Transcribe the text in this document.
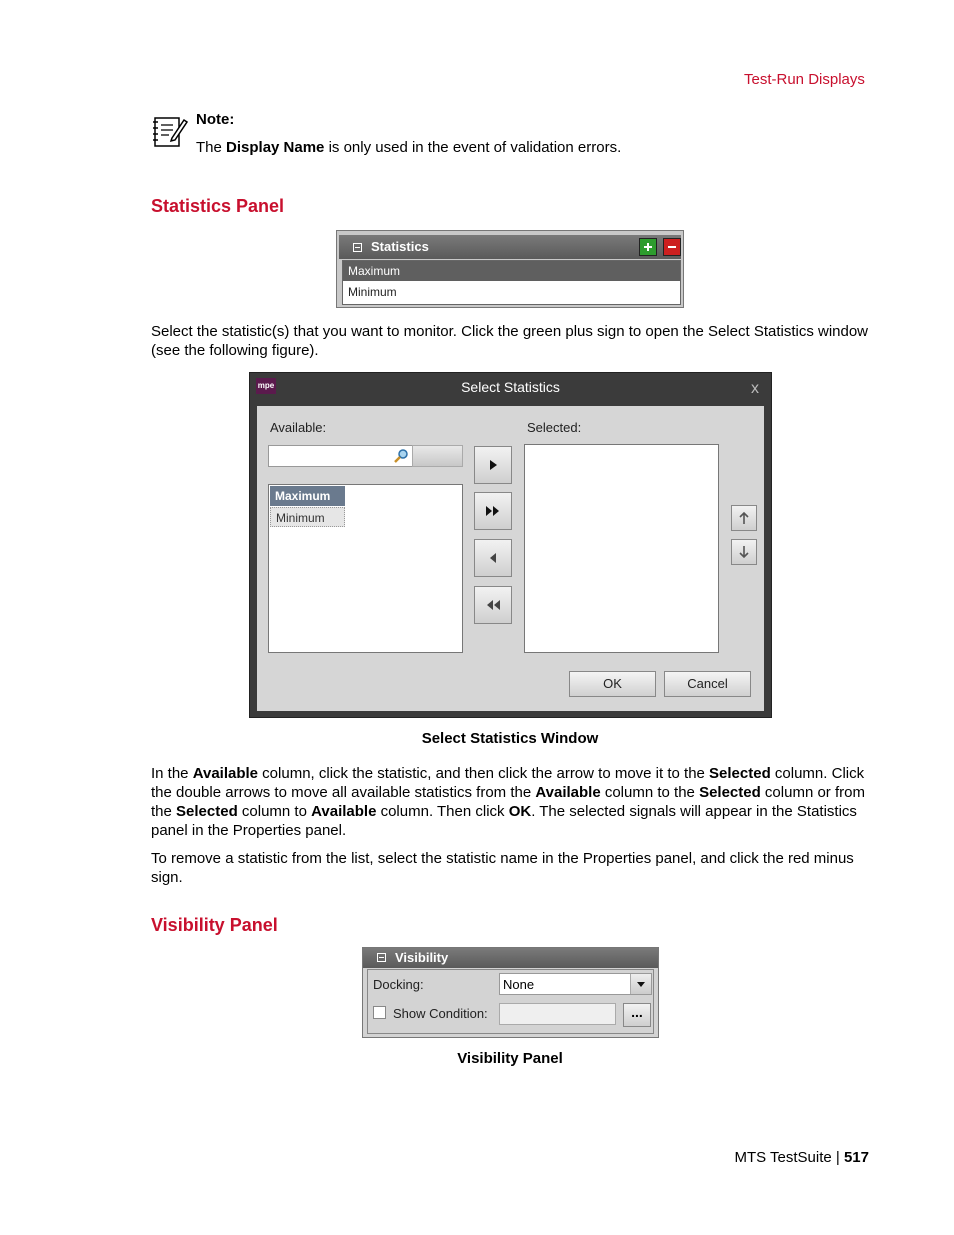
Test-Run Displays
Note:
The Display Name is only used in the event of validation errors.
Statistics Panel
Statistics
Maximum
Minimum
Select the statistic(s) that you want to monitor. Click the green plus sign to open the Select Statistics window (see the following figure).
mpe	Select Statistics	x
Available:	Selected:
Maximum
Minimum
OK	Cancel
Select Statistics Window
In the Available column, click the statistic, and then click the arrow to move it to the Selected column. Click the double arrows to move all available statistics from the Available column to the Selected column or from the Selected column to Available column. Then click OK. The selected signals will appear in the Statistics panel in the Properties panel.
To remove a statistic from the list, select the statistic name in the Properties panel, and click the red minus sign.
Visibility Panel
Visibility
Docking:	None
Show Condition:	...
Visibility Panel
MTS TestSuite | 517
